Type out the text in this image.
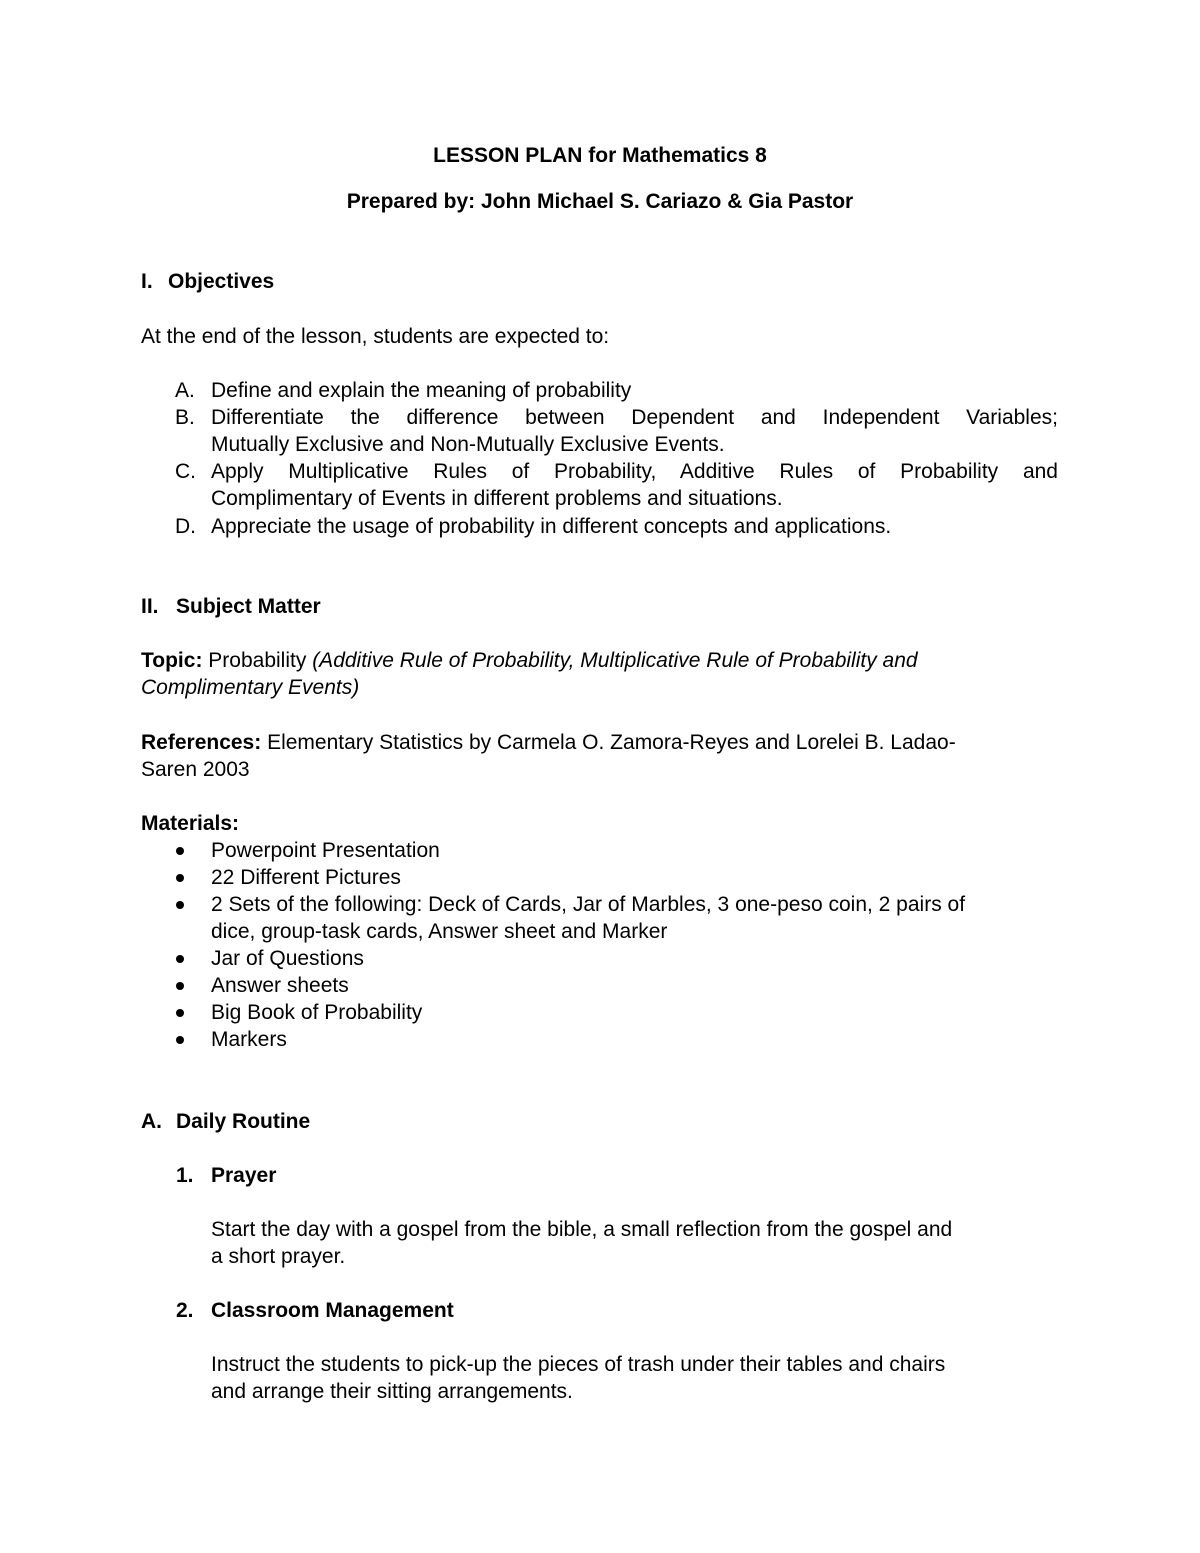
LESSON PLAN for Mathematics 8
Prepared by: John Michael S. Cariazo & Gia Pastor
I. Objectives
At the end of the lesson, students are expected to:
A. Define and explain the meaning of probability
B. Differentiate the difference between Dependent and Independent Variables;
Mutually Exclusive and Non-Mutually Exclusive Events.
C. Apply Multiplicative Rules of Probability, Additive Rules of Probability and
Complimentary of Events in different problems and situations.
D. Appreciate the usage of probability in different concepts and applications.
II. Subject Matter
Topic: Probability (Additive Rule of Probability, Multiplicative Rule of Probability and
Complimentary Events)
References: Elementary Statistics by Carmela O. Zamora-Reyes and Lorelei B. Ladao-
Saren 2003
Materials:
Powerpoint Presentation
22 Different Pictures
2 Sets of the following: Deck of Cards, Jar of Marbles, 3 one-peso coin, 2 pairs of
dice, group-task cards, Answer sheet and Marker
Jar of Questions
Answer sheets
Big Book of Probability
Markers
A. Daily Routine
1. Prayer
Start the day with a gospel from the bible, a small reflection from the gospel and
a short prayer.
2. Classroom Management
Instruct the students to pick-up the pieces of trash under their tables and chairs
and arrange their sitting arrangements.
